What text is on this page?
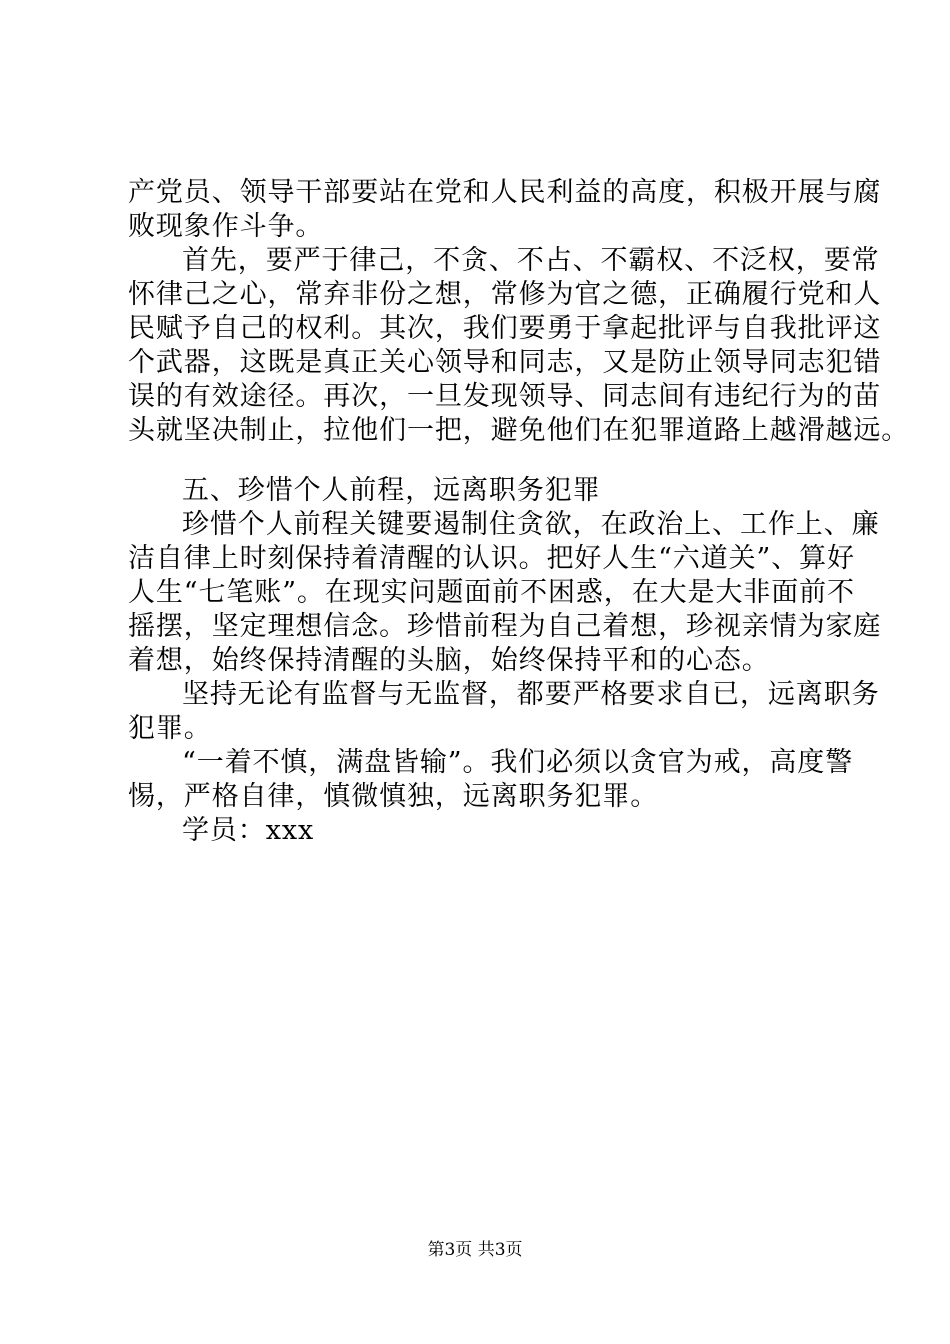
产党员、领导干部要站在党和人民利益的高度，积极开展与腐
败现象作斗争。
首先，要严于律己，不贪、不占、不霸权、不泛权，要常
怀律己之心，常弃非份之想，常修为官之德，正确履行党和人
民赋予自己的权利。其次，我们要勇于拿起批评与自我批评这
个武器，这既是真正关心领导和同志，又是防止领导同志犯错
误的有效途径。再次，一旦发现领导、同志间有违纪行为的苗
头就坚决制止，拉他们一把，避免他们在犯罪道路上越滑越远。
五、珍惜个人前程，远离职务犯罪
珍惜个人前程关键要遏制住贪欲，在政治上、工作上、廉
洁自律上时刻保持着清醒的认识。把好人生“六道关”、算好
人生“七笔账”。在现实问题面前不困惑，在大是大非面前不
摇摆，坚定理想信念。珍惜前程为自己着想，珍视亲情为家庭
着想，始终保持清醒的头脑，始终保持平和的心态。
坚持无论有监督与无监督，都要严格要求自已，远离职务
犯罪。
“一着不慎，满盘皆输”。我们必须以贪官为戒，高度警
惕，严格自律，慎微慎独，远离职务犯罪。
学员：xxx
第3页 共3页
